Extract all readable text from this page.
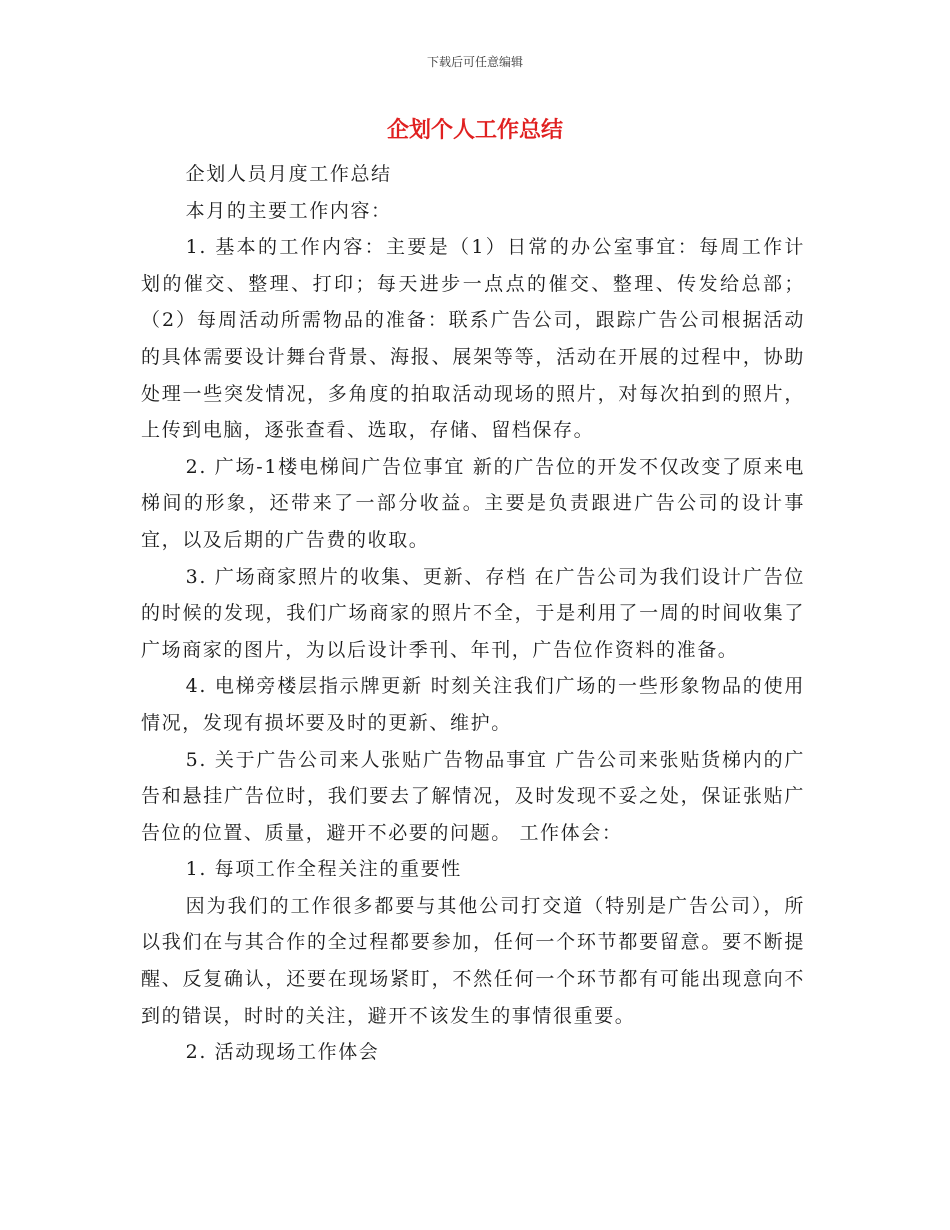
下载后可任意编辑
企划个人工作总结

企划人员月度工作总结

本月的主要工作内容：

1. 基本的工作内容：主要是（1）日常的办公室事宜：每周工作计划的催交、整理、打印；每天进步一点点的催交、整理、传发给总部；（2）每周活动所需物品的准备：联系广告公司，跟踪广告公司根据活动的具体需要设计舞台背景、海报、展架等等，活动在开展的过程中，协助处理一些突发情况，多角度的拍取活动现场的照片，对每次拍到的照片，上传到电脑，逐张查看、选取，存储、留档保存。

2. 广场-1楼电梯间广告位事宜 新的广告位的开发不仅改变了原来电梯间的形象，还带来了一部分收益。主要是负责跟进广告公司的设计事宜，以及后期的广告费的收取。

3. 广场商家照片的收集、更新、存档 在广告公司为我们设计广告位的时候的发现，我们广场商家的照片不全，于是利用了一周的时间收集了广场商家的图片，为以后设计季刊、年刊，广告位作资料的准备。

4. 电梯旁楼层指示牌更新 时刻关注我们广场的一些形象物品的使用情况，发现有损坏要及时的更新、维护。

5. 关于广告公司来人张贴广告物品事宜 广告公司来张贴货梯内的广告和悬挂广告位时，我们要去了解情况，及时发现不妥之处，保证张贴广告位的位置、质量，避开不必要的问题。 工作体会：

1. 每项工作全程关注的重要性

因为我们的工作很多都要与其他公司打交道（特别是广告公司），所以我们在与其合作的全过程都要参加，任何一个环节都要留意。要不断提醒、反复确认，还要在现场紧盯，不然任何一个环节都有可能出现意向不到的错误，时时的关注，避开不该发生的事情很重要。

2. 活动现场工作体会
